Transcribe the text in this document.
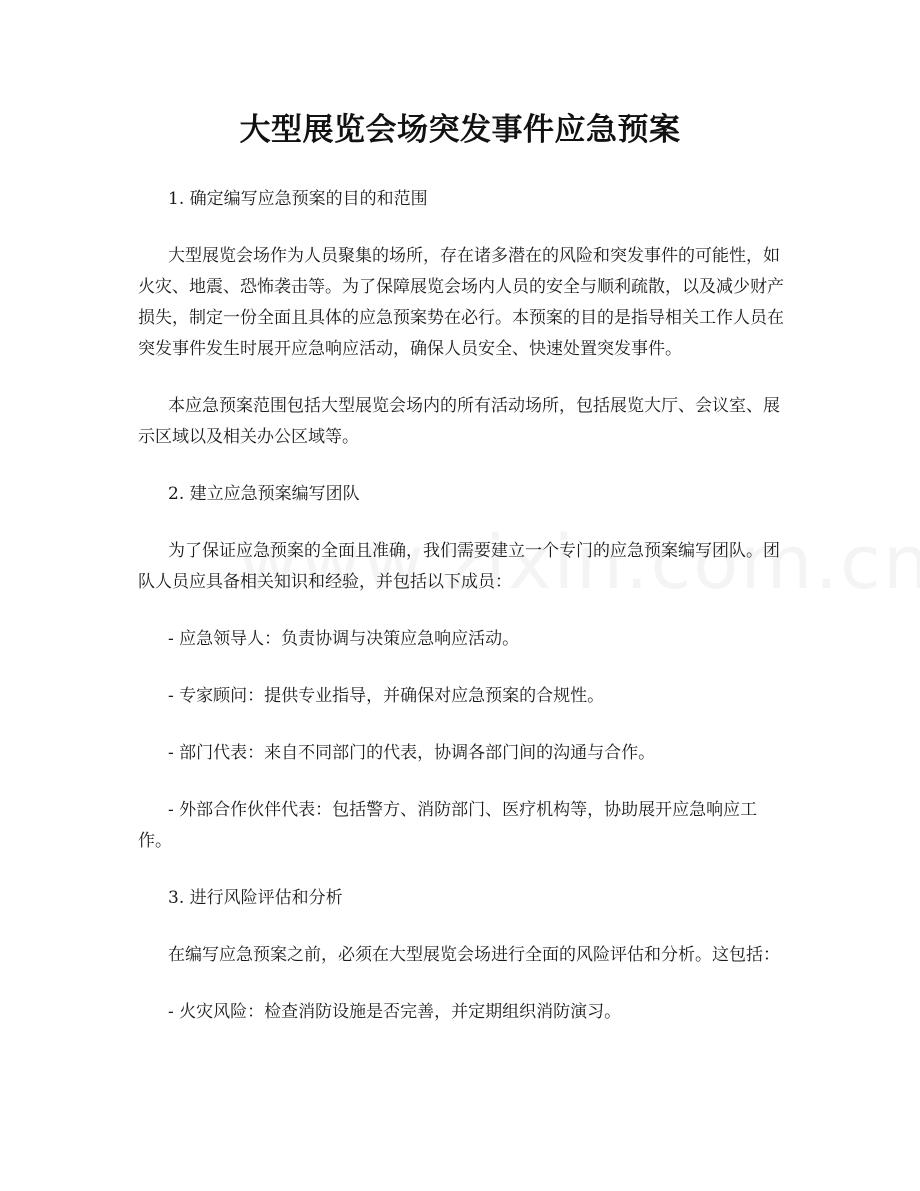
大型展览会场突发事件应急预案

1. 确定编写应急预案的目的和范围

大型展览会场作为人员聚集的场所，存在诸多潜在的风险和突发事件的可能性，如火灾、地震、恐怖袭击等。为了保障展览会场内人员的安全与顺利疏散，以及减少财产损失，制定一份全面且具体的应急预案势在必行。本预案的目的是指导相关工作人员在突发事件发生时展开应急响应活动，确保人员安全、快速处置突发事件。

本应急预案范围包括大型展览会场内的所有活动场所，包括展览大厅、会议室、展示区域以及相关办公区域等。

2. 建立应急预案编写团队

为了保证应急预案的全面且准确，我们需要建立一个专门的应急预案编写团队。团队人员应具备相关知识和经验，并包括以下成员：

- 应急领导人：负责协调与决策应急响应活动。

- 专家顾问：提供专业指导，并确保对应急预案的合规性。

- 部门代表：来自不同部门的代表，协调各部门间的沟通与合作。

- 外部合作伙伴代表：包括警方、消防部门、医疗机构等，协助展开应急响应工作。

3. 进行风险评估和分析

在编写应急预案之前，必须在大型展览会场进行全面的风险评估和分析。这包括：

- 火灾风险：检查消防设施是否完善，并定期组织消防演习。
